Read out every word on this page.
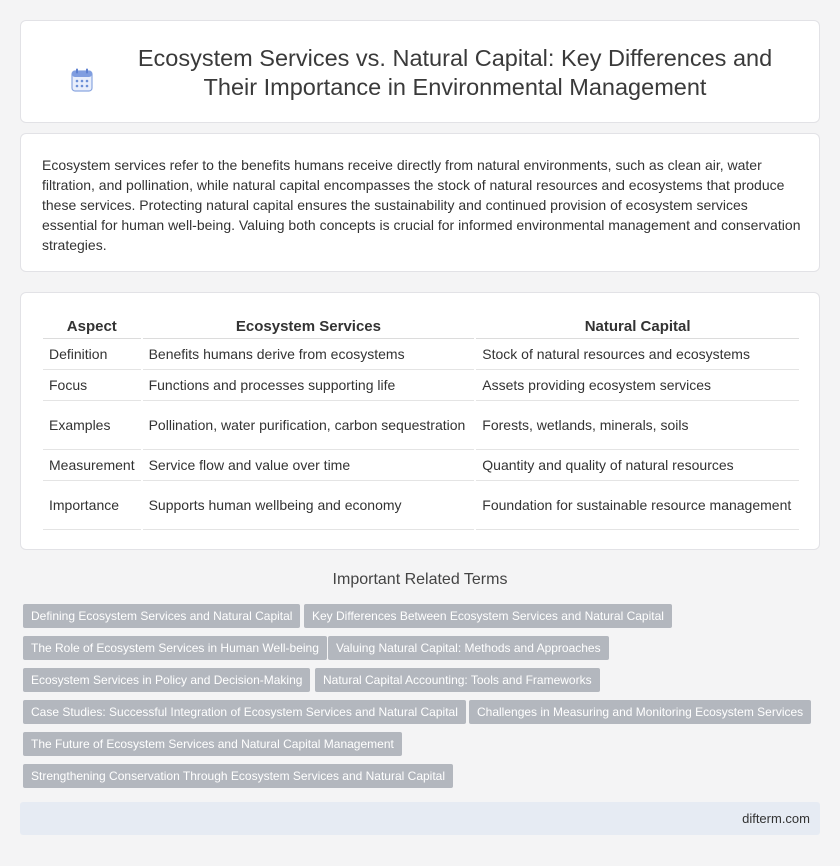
Ecosystem Services vs. Natural Capital: Key Differences and Their Importance in Environmental Management

Ecosystem services refer to the benefits humans receive directly from natural environments, such as clean air, water filtration, and pollination, while natural capital encompasses the stock of natural resources and ecosystems that produce these services. Protecting natural capital ensures the sustainability and continued provision of ecosystem services essential for human well-being. Valuing both concepts is crucial for informed environmental management and conservation strategies.

Aspect	Ecosystem Services	Natural Capital
Definition	Benefits humans derive from ecosystems	Stock of natural resources and ecosystems
Focus	Functions and processes supporting life	Assets providing ecosystem services
Examples	Pollination, water purification, carbon sequestration	Forests, wetlands, minerals, soils
Measurement	Service flow and value over time	Quantity and quality of natural resources
Importance	Supports human wellbeing and economy	Foundation for sustainable resource management
Important Related Terms
Defining Ecosystem Services and Natural Capital	Key Differences Between Ecosystem Services and Natural Capital
The Role of Ecosystem Services in Human Well-being	Valuing Natural Capital: Methods and Approaches
Ecosystem Services in Policy and Decision-Making	Natural Capital Accounting: Tools and Frameworks
Case Studies: Successful Integration of Ecosystem Services and Natural Capital	Challenges in Measuring and Monitoring Ecosystem Services
The Future of Ecosystem Services and Natural Capital Management
Strengthening Conservation Through Ecosystem Services and Natural Capital
difterm.com
